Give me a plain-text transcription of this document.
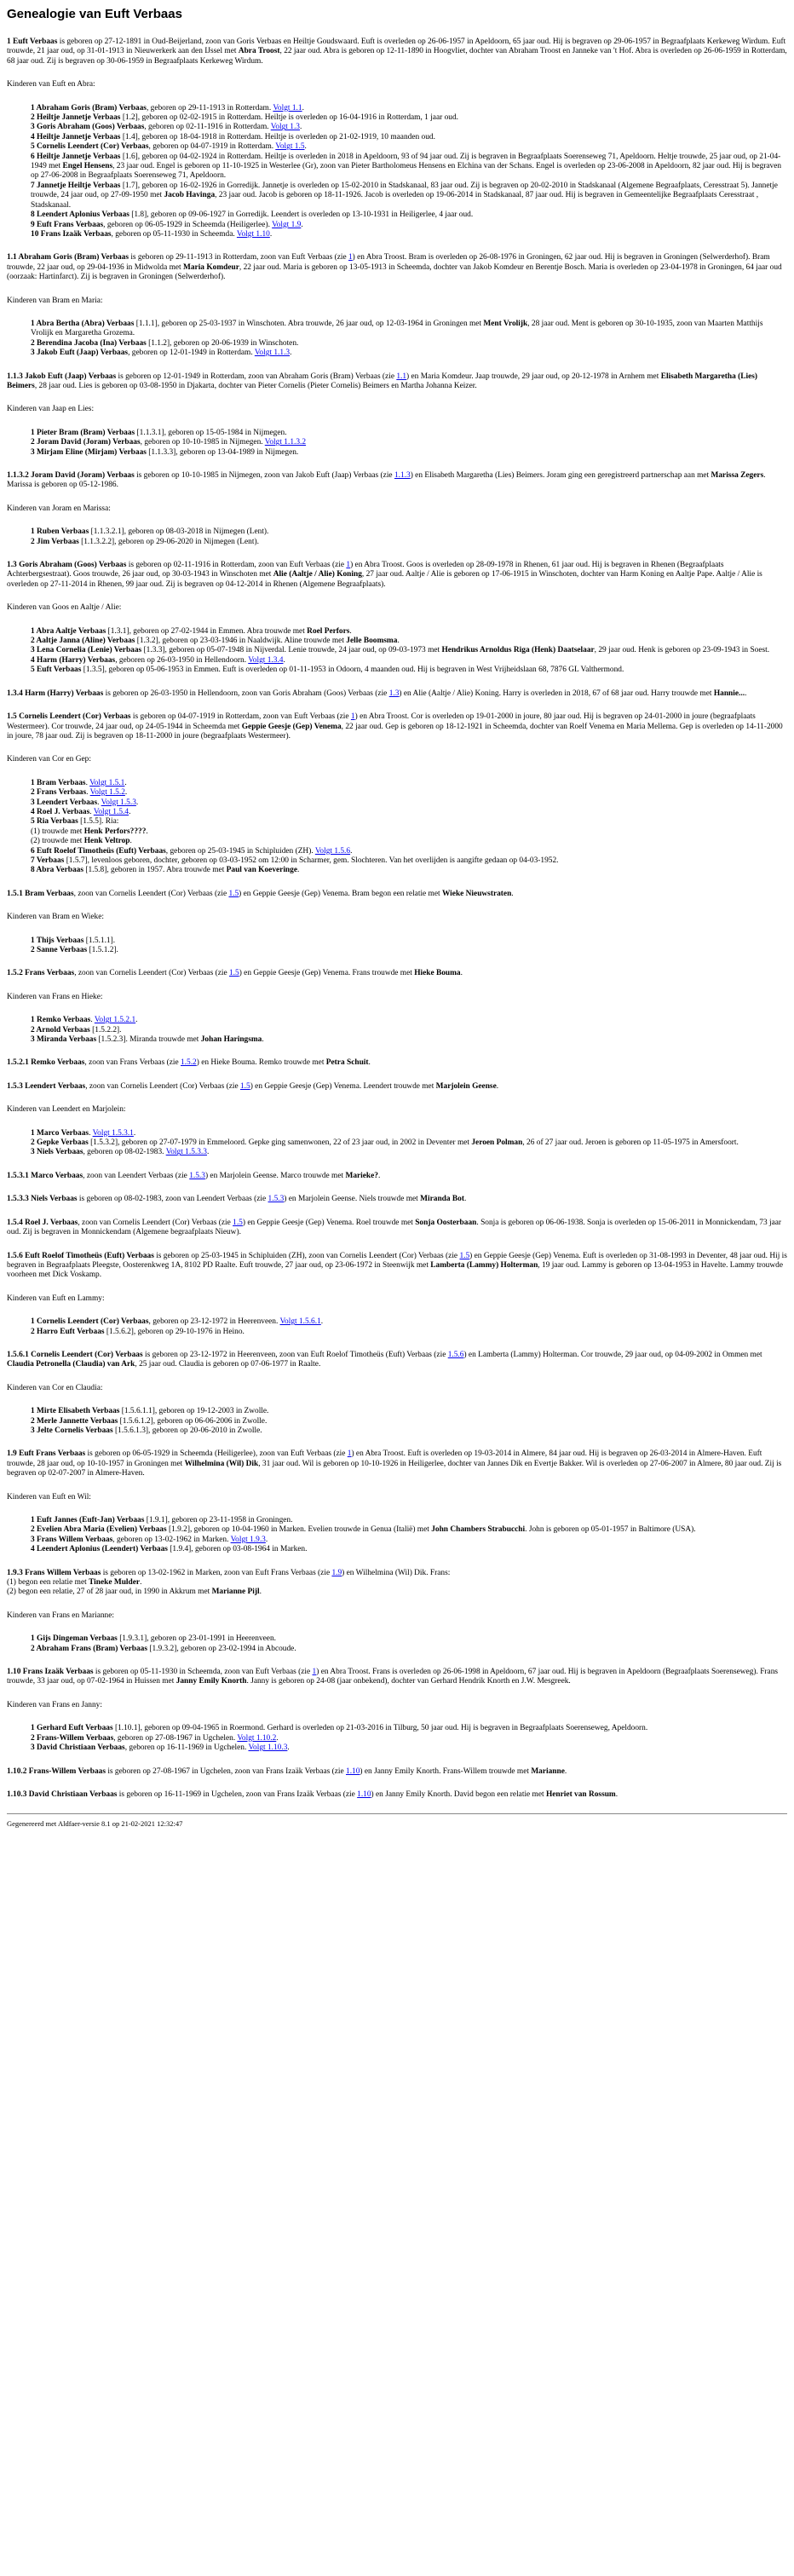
Genealogie van Euft Verbaas

1 Euft Verbaas is geboren op 27-12-1891 in Oud-Beijerland, zoon van Goris Verbaas en Heiltje Goudswaard. Euft is overleden op 26-06-1957 in Apeldoorn, 65 jaar oud. Hij is begraven op 29-06-1957 in Begraafplaats Kerkeweg Wirdum. Euft trouwde, 21 jaar oud, op 31-01-1913 in Nieuwerkerk aan den IJssel met Abra Troost, 22 jaar oud. Abra is geboren op 12-11-1890 in Hoogvliet, dochter van Abraham Troost en Janneke van 't Hof. Abra is overleden op 26-06-1959 in Rotterdam, 68 jaar oud. Zij is begraven op 30-06-1959 in Begraafplaats Kerkeweg Wirdum.

Kinderen van Euft en Abra:

1 Abraham Goris (Bram) Verbaas, geboren op 29-11-1913 in Rotterdam. Volgt 1.1.
2 Heiltje Jannetje Verbaas [1.2], geboren op 02-02-1915 in Rotterdam. Heiltje is overleden op 16-04-1916 in Rotterdam, 1 jaar oud.
3 Goris Abraham (Goos) Verbaas, geboren op 02-11-1916 in Rotterdam. Volgt 1.3.
4 Heiltje Jannetje Verbaas [1.4], geboren op 18-04-1918 in Rotterdam. Heiltje is overleden op 21-02-1919, 10 maanden oud.
5 Cornelis Leendert (Cor) Verbaas, geboren op 04-07-1919 in Rotterdam. Volgt 1.5.
6 Heiltje Jannetje Verbaas [1.6], geboren op 04-02-1924 in Rotterdam. Heiltje is overleden in 2018 in Apeldoorn, 93 of 94 jaar oud. Zij is begraven in Begraafplaats Soerenseweg 71, Apeldoorn. Heltje trouwde, 25 jaar oud, op 21-04-1949 met Engel Hensens, 23 jaar oud. Engel is geboren op 11-10-1925 in Westerlee (Gr), zoon van Pieter Bartholomeus Hensens en Elchina van der Schans. Engel is overleden op 23-06-2008 in Apeldoorn, 82 jaar oud. Hij is begraven op 27-06-2008 in Begraafplaats Soerenseweg 71, Apeldoorn.
7 Jannetje Heiltje Verbaas [1.7], geboren op 16-02-1926 in Gorredijk. Jannetje is overleden op 15-02-2010 in Stadskanaal, 83 jaar oud. Zij is begraven op 20-02-2010 in Stadskanaal (Algemene Begraafplaats, Ceresstraat 5). Jannetje trouwde, 24 jaar oud, op 27-09-1950 met Jacob Havinga, 23 jaar oud. Jacob is geboren op 18-11-1926. Jacob is overleden op 19-06-2014 in Stadskanaal, 87 jaar oud. Hij is begraven in Gemeentelijke Begraafplaats Ceresstraat , Stadskanaal.
8 Leendert Aplonius Verbaas [1.8], geboren op 09-06-1927 in Gorredijk. Leendert is overleden op 13-10-1931 in Heiligerlee, 4 jaar oud.
9 Euft Frans Verbaas, geboren op 06-05-1929 in Scheemda (Heiligerlee). Volgt 1.9.
10 Frans Izaäk Verbaas, geboren op 05-11-1930 in Scheemda. Volgt 1.10.

1.1 Abraham Goris (Bram) Verbaas is geboren op 29-11-1913 in Rotterdam, zoon van Euft Verbaas (zie 1) en Abra Troost. Bram is overleden op 26-08-1976 in Groningen, 62 jaar oud. Hij is begraven in Groningen (Selwerderhof). Bram trouwde, 22 jaar oud, op 29-04-1936 in Midwolda met Maria Komdeur, 22 jaar oud. Maria is geboren op 13-05-1913 in Scheemda, dochter van Jakob Komdeur en Berentje Bosch. Maria is overleden op 23-04-1978 in Groningen, 64 jaar oud (oorzaak: Hartinfarct). Zij is begraven in Groningen (Selwerderhof).

Kinderen van Bram en Maria:

1 Abra Bertha (Abra) Verbaas [1.1.1], geboren op 25-03-1937 in Winschoten. Abra trouwde, 26 jaar oud, op 12-03-1964 in Groningen met Ment Vrolijk, 28 jaar oud. Ment is geboren op 30-10-1935, zoon van Maarten Matthijs Vrolijk en Margaretha Grozema.
2 Berendina Jacoba (Ina) Verbaas [1.1.2], geboren op 20-06-1939 in Winschoten.
3 Jakob Euft (Jaap) Verbaas, geboren op 12-01-1949 in Rotterdam. Volgt 1.1.3.

1.1.3 Jakob Euft (Jaap) Verbaas is geboren op 12-01-1949 in Rotterdam, zoon van Abraham Goris (Bram) Verbaas (zie 1.1) en Maria Komdeur. Jaap trouwde, 29 jaar oud, op 20-12-1978 in Arnhem met Elisabeth Margaretha (Lies) Beimers, 28 jaar oud. Lies is geboren op 03-08-1950 in Djakarta, dochter van Pieter Cornelis (Pieter Cornelis) Beimers en Martha Johanna Keizer.

Kinderen van Jaap en Lies:

1 Pieter Bram (Bram) Verbaas [1.1.3.1], geboren op 15-05-1984 in Nijmegen.
2 Joram David (Joram) Verbaas, geboren op 10-10-1985 in Nijmegen. Volgt 1.1.3.2
3 Mirjam Eline (Mirjam) Verbaas [1.1.3.3], geboren op 13-04-1989 in Nijmegen.

1.1.3.2 Joram David (Joram) Verbaas is geboren op 10-10-1985 in Nijmegen, zoon van Jakob Euft (Jaap) Verbaas (zie 1.1.3) en Elisabeth Margaretha (Lies) Beimers. Joram ging een geregistreerd partnerschap aan met Marissa Zegers. Marissa is geboren op 05-12-1986.

Kinderen van Joram en Marissa:

1 Ruben Verbaas [1.1.3.2.1], geboren op 08-03-2018 in Nijmegen (Lent).
2 Jim Verbaas [1.1.3.2.2], geboren op 29-06-2020 in Nijmegen (Lent).

1.3 Goris Abraham (Goos) Verbaas is geboren op 02-11-1916 in Rotterdam, zoon van Euft Verbaas (zie 1) en Abra Troost. Goos is overleden op 28-09-1978 in Rhenen, 61 jaar oud. Hij is begraven in Rhenen (Begraafplaats Achterbergsestraat). Goos trouwde, 26 jaar oud, op 30-03-1943 in Winschoten met Alie (Aaltje / Alie) Koning, 27 jaar oud. Aaltje / Alie is geboren op 17-06-1915 in Winschoten, dochter van Harm Koning en Aaltje Pape. Aaltje / Alie is overleden op 27-11-2014 in Rhenen, 99 jaar oud. Zij is begraven op 04-12-2014 in Rhenen (Algemene Begraafplaats).

Kinderen van Goos en Aaltje / Alie:

1 Abra Aaltje Verbaas [1.3.1], geboren op 27-02-1944 in Emmen. Abra trouwde met Roel Perfors.
2 Aaltje Janna (Aline) Verbaas [1.3.2], geboren op 23-03-1946 in Naaldwijk. Aline trouwde met Jelle Boomsma.
3 Lena Cornelia (Lenie) Verbaas [1.3.3], geboren op 05-07-1948 in Nijverdal. Lenie trouwde, 24 jaar oud, op 09-03-1973 met Hendrikus Arnoldus Riga (Henk) Daatselaar, 29 jaar oud. Henk is geboren op 23-09-1943 in Soest.
4 Harm (Harry) Verbaas, geboren op 26-03-1950 in Hellendoorn. Volgt 1.3.4.
5 Euft Verbaas [1.3.5], geboren op 05-06-1953 in Emmen. Euft is overleden op 01-11-1953 in Odoorn, 4 maanden oud. Hij is begraven in West Vrijheidslaan 68, 7876 GL Valthermond.

1.3.4 Harm (Harry) Verbaas is geboren op 26-03-1950 in Hellendoorn, zoon van Goris Abraham (Goos) Verbaas (zie 1.3) en Alie (Aaltje / Alie) Koning. Harry is overleden in 2018, 67 of 68 jaar oud. Harry trouwde met Hannie....

1.5 Cornelis Leendert (Cor) Verbaas is geboren op 04-07-1919 in Rotterdam, zoon van Euft Verbaas (zie 1) en Abra Troost. Cor is overleden op 19-01-2000 in joure, 80 jaar oud. Hij is begraven op 24-01-2000 in joure (begraafplaats Westermeer). Cor trouwde, 24 jaar oud, op 24-05-1944 in Scheemda met Geppie Geesje (Gep) Venema, 22 jaar oud. Gep is geboren op 18-12-1921 in Scheemda, dochter van Roelf Venema en Maria Mellema. Gep is overleden op 14-11-2000 in joure, 78 jaar oud. Zij is begraven op 18-11-2000 in joure (begraafplaats Westermeer).

Kinderen van Cor en Gep:

1 Bram Verbaas. Volgt 1.5.1.
2 Frans Verbaas. Volgt 1.5.2.
3 Leendert Verbaas. Volgt 1.5.3.
4 Roel J. Verbaas. Volgt 1.5.4.
5 Ria Verbaas [1.5.5]. Ria:
(1) trouwde met Henk Perfors????.
(2) trouwde met Henk Veltrop.
6 Euft Roelof Timotheüs (Euft) Verbaas, geboren op 25-03-1945 in Schipluiden (ZH). Volgt 1.5.6.
7 Verbaas [1.5.7], levenloos geboren, dochter, geboren op 03-03-1952 om 12:00 in Scharmer, gem. Slochteren. Van het overlijden is aangifte gedaan op 04-03-1952.
8 Abra Verbaas [1.5.8], geboren in 1957. Abra trouwde met Paul van Koeveringe.

1.5.1 Bram Verbaas, zoon van Cornelis Leendert (Cor) Verbaas (zie 1.5) en Geppie Geesje (Gep) Venema. Bram begon een relatie met Wieke Nieuwstraten.

Kinderen van Bram en Wieke:

1 Thijs Verbaas [1.5.1.1].
2 Sanne Verbaas [1.5.1.2].

1.5.2 Frans Verbaas, zoon van Cornelis Leendert (Cor) Verbaas (zie 1.5) en Geppie Geesje (Gep) Venema. Frans trouwde met Hieke Bouma.

Kinderen van Frans en Hieke:

1 Remko Verbaas. Volgt 1.5.2.1.
2 Arnold Verbaas [1.5.2.2].
3 Miranda Verbaas [1.5.2.3]. Miranda trouwde met Johan Haringsma.

1.5.2.1 Remko Verbaas, zoon van Frans Verbaas (zie 1.5.2) en Hieke Bouma. Remko trouwde met Petra Schuit.

1.5.3 Leendert Verbaas, zoon van Cornelis Leendert (Cor) Verbaas (zie 1.5) en Geppie Geesje (Gep) Venema. Leendert trouwde met Marjolein Geense.

Kinderen van Leendert en Marjolein:

1 Marco Verbaas. Volgt 1.5.3.1.
2 Gepke Verbaas [1.5.3.2], geboren op 27-07-1979 in Emmeloord. Gepke ging samenwonen, 22 of 23 jaar oud, in 2002 in Deventer met Jeroen Polman, 26 of 27 jaar oud. Jeroen is geboren op 11-05-1975 in Amersfoort.
3 Niels Verbaas, geboren op 08-02-1983. Volgt 1.5.3.3.

1.5.3.1 Marco Verbaas, zoon van Leendert Verbaas (zie 1.5.3) en Marjolein Geense. Marco trouwde met Marieke?.

1.5.3.3 Niels Verbaas is geboren op 08-02-1983, zoon van Leendert Verbaas (zie 1.5.3) en Marjolein Geense. Niels trouwde met Miranda Bot.

1.5.4 Roel J. Verbaas, zoon van Cornelis Leendert (Cor) Verbaas (zie 1.5) en Geppie Geesje (Gep) Venema. Roel trouwde met Sonja Oosterbaan. Sonja is geboren op 06-06-1938. Sonja is overleden op 15-06-2011 in Monnickendam, 73 jaar oud. Zij is begraven in Monnickendam (Algemene begraafplaats Nieuw).

1.5.6 Euft Roelof Timotheüs (Euft) Verbaas is geboren op 25-03-1945 in Schipluiden (ZH), zoon van Cornelis Leendert (Cor) Verbaas (zie 1.5) en Geppie Geesje (Gep) Venema. Euft is overleden op 31-08-1993 in Deventer, 48 jaar oud. Hij is begraven in Begraafplaats Pleegste, Oosterenkweg 1A, 8102 PD Raalte. Euft trouwde, 27 jaar oud, op 23-06-1972 in Steenwijk met Lamberta (Lammy) Holterman, 19 jaar oud. Lammy is geboren op 13-04-1953 in Havelte. Lammy trouwde voorheen met Dick Voskamp.

Kinderen van Euft en Lammy:

1 Cornelis Leendert (Cor) Verbaas, geboren op 23-12-1972 in Heerenveen. Volgt 1.5.6.1.
2 Harro Euft Verbaas [1.5.6.2], geboren op 29-10-1976 in Heino.

1.5.6.1 Cornelis Leendert (Cor) Verbaas is geboren op 23-12-1972 in Heerenveen, zoon van Euft Roelof Timotheüs (Euft) Verbaas (zie 1.5.6) en Lamberta (Lammy) Holterman. Cor trouwde, 29 jaar oud, op 04-09-2002 in Ommen met Claudia Petronella (Claudia) van Ark, 25 jaar oud. Claudia is geboren op 07-06-1977 in Raalte.

Kinderen van Cor en Claudia:

1 Mirte Elisabeth Verbaas [1.5.6.1.1], geboren op 19-12-2003 in Zwolle.
2 Merle Jannette Verbaas [1.5.6.1.2], geboren op 06-06-2006 in Zwolle.
3 Jelte Cornelis Verbaas [1.5.6.1.3], geboren op 20-06-2010 in Zwolle.

1.9 Euft Frans Verbaas is geboren op 06-05-1929 in Scheemda (Heiligerlee), zoon van Euft Verbaas (zie 1) en Abra Troost. Euft is overleden op 19-03-2014 in Almere, 84 jaar oud. Hij is begraven op 26-03-2014 in Almere-Haven. Euft trouwde, 28 jaar oud, op 10-10-1957 in Groningen met Wilhelmina (Wil) Dik, 31 jaar oud. Wil is geboren op 10-10-1926 in Heiligerlee, dochter van Jannes Dik en Evertje Bakker. Wil is overleden op 27-06-2007 in Almere, 80 jaar oud. Zij is begraven op 02-07-2007 in Almere-Haven.

Kinderen van Euft en Wil:

1 Euft Jannes (Euft-Jan) Verbaas [1.9.1], geboren op 23-11-1958 in Groningen.
2 Evelien Abra Maria (Evelien) Verbaas [1.9.2], geboren op 10-04-1960 in Marken. Evelien trouwde in Genua (Italië) met John Chambers Strabucchi. John is geboren op 05-01-1957 in Baltimore (USA).
3 Frans Willem Verbaas, geboren op 13-02-1962 in Marken. Volgt 1.9.3.
4 Leendert Aplonius (Leendert) Verbaas [1.9.4], geboren op 03-08-1964 in Marken.

1.9.3 Frans Willem Verbaas is geboren op 13-02-1962 in Marken, zoon van Euft Frans Verbaas (zie 1.9) en Wilhelmina (Wil) Dik. Frans:

(1) begon een relatie met Tineke Mulder.
(2) begon een relatie, 27 of 28 jaar oud, in 1990 in Akkrum met Marianne Pijl.

Kinderen van Frans en Marianne:

1 Gijs Dingeman Verbaas [1.9.3.1], geboren op 23-01-1991 in Heerenveen.
2 Abraham Frans (Bram) Verbaas [1.9.3.2], geboren op 23-02-1994 in Abcoude.

1.10 Frans Izaäk Verbaas is geboren op 05-11-1930 in Scheemda, zoon van Euft Verbaas (zie 1) en Abra Troost. Frans is overleden op 26-06-1998 in Apeldoorn, 67 jaar oud. Hij is begraven in Apeldoorn (Begraafplaats Soerenseweg). Frans trouwde, 33 jaar oud, op 07-02-1964 in Huissen met Janny Emily Knorth. Janny is geboren op 24-08 (jaar onbekend), dochter van Gerhard Hendrik Knorth en J.W. Mesgreek.

Kinderen van Frans en Janny:

1 Gerhard Euft Verbaas [1.10.1], geboren op 09-04-1965 in Roermond. Gerhard is overleden op 21-03-2016 in Tilburg, 50 jaar oud. Hij is begraven in Begraafplaats Soerenseweg, Apeldoorn.
2 Frans-Willem Verbaas, geboren op 27-08-1967 in Ugchelen. Volgt 1.10.2.
3 David Christiaan Verbaas, geboren op 16-11-1969 in Ugchelen. Volgt 1.10.3.

1.10.2 Frans-Willem Verbaas is geboren op 27-08-1967 in Ugchelen, zoon van Frans Izaäk Verbaas (zie 1.10) en Janny Emily Knorth. Frans-Willem trouwde met Marianne.

1.10.3 David Christiaan Verbaas is geboren op 16-11-1969 in Ugchelen, zoon van Frans Izaäk Verbaas (zie 1.10) en Janny Emily Knorth. David begon een relatie met Henriet van Rossum.

Gegenereerd met Aldfaer-versie 8.1 op 21-02-2021 12:32:47
